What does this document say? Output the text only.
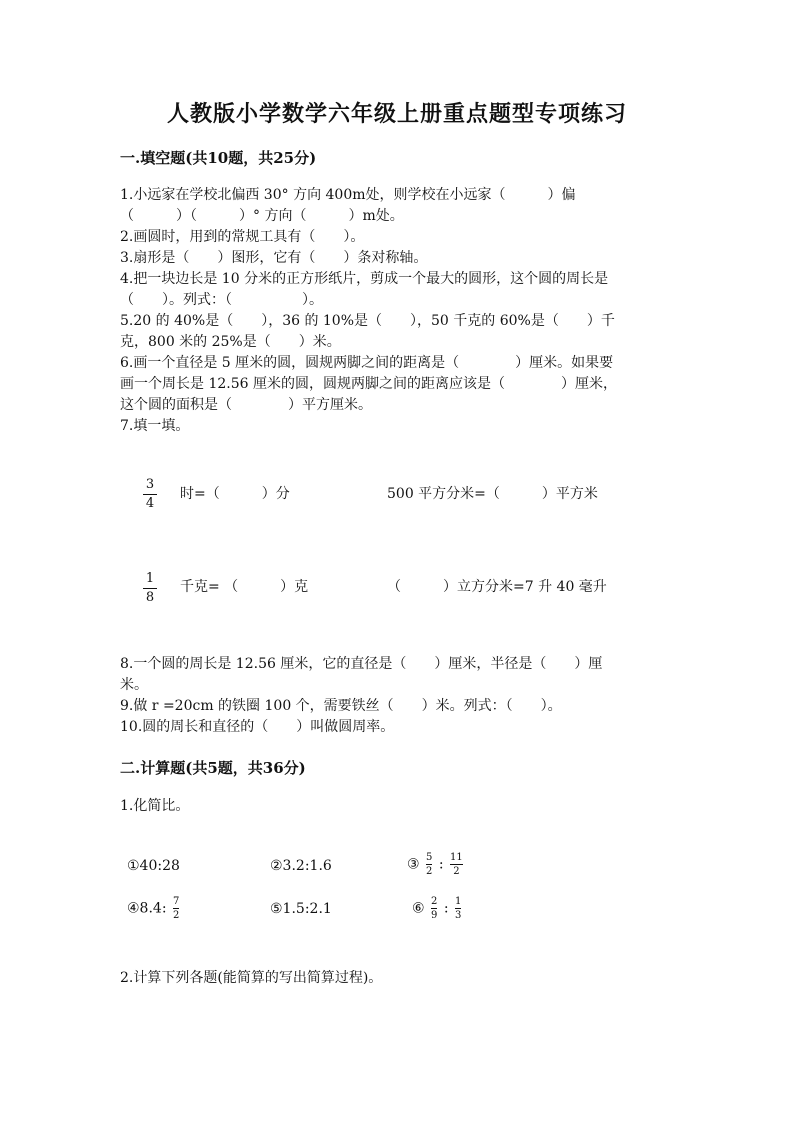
人教版小学数学六年级上册重点题型专项练习
一.填空题(共10题，共25分)
1.小远家在学校北偏西 30° 方向 400m处，则学校在小远家（　　　）偏
（　　　）（　　　）° 方向（　　　）m处。
2.画圆时，用到的常规工具有（　　）。
3.扇形是（　　）图形，它有（　　）条对称轴。
4.把一块边长是 10 分米的正方形纸片，剪成一个最大的圆形，这个圆的周长是
（　　）。列式：（　　　　　）。
5.20 的 40%是（　　），36 的 10%是（　　），50 千克的 60%是（　　）千
克，800 米的 25%是（　　）米。
6.画一个直径是 5 厘米的圆，圆规两脚之间的距离是（　　　　）厘米。如果要
画一个周长是 12.56 厘米的圆，圆规两脚之间的距离应该是（　　　　）厘米，
这个圆的面积是（　　　　）平方厘米。
7.填一填。
3
4
时=（　　　）分	500 平方分米=（　　　）平方米
1
8
千克= （　　　）克	（　　　）立方分米=7 升 40 毫升
8.一个圆的周长是 12.56 厘米，它的直径是（　　）厘米，半径是（　　）厘
米。
9.做 r =20cm 的铁圈 100 个，需要铁丝（　　）米。列式：（　　）。
10.圆的周长和直径的（　　）叫做圆周率。
二.计算题(共5题，共36分)
1.化简比。
①40:28	②3.2:1.6	③ $\frac{5}{2}$ : $\frac{11}{2}$
④8.4: $\frac{7}{2}$	⑤1.5:2.1	⑥ $\frac{2}{9}$ : $\frac{1}{3}$
2.计算下列各题(能简算的写出简算过程)。
